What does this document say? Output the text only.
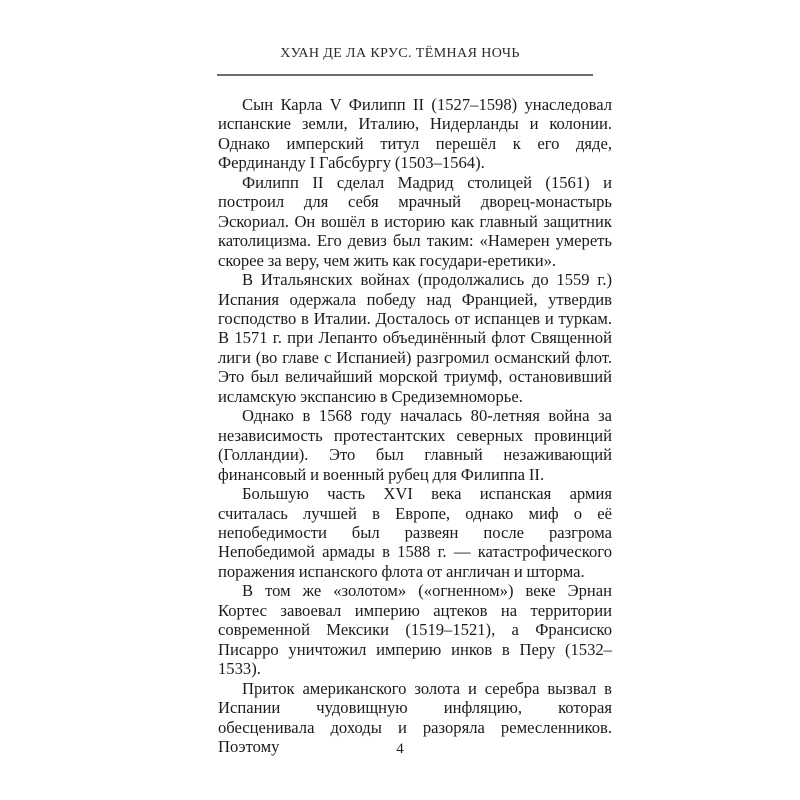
ХУАН ДЕ ЛА КРУС. ТЁМНАЯ НОЧЬ

Сын Карла V Филипп II (1527–1598) унаследовал испанские земли, Италию, Нидерланды и колонии. Однако имперский титул перешёл к его дяде, Фердинанду I Габсбургу (1503–1564).

Филипп II сделал Мадрид столицей (1561) и построил для себя мрачный дворец-монастырь Эскориал. Он вошёл в историю как главный защитник католицизма. Его девиз был таким: «Намерен умереть скорее за веру, чем жить как государи-еретики».

В Итальянских войнах (продолжались до 1559 г.) Испания одержала победу над Францией, утвердив господство в Италии. Досталось от испанцев и туркам. В 1571 г. при Лепанто объединённый флот Священной лиги (во главе с Испанией) разгромил османский флот. Это был величайший морской триумф, остановивший исламскую экспансию в Средиземноморье.

Однако в 1568 году началась 80-летняя война за независимость протестантских северных провинций (Голландии). Это был главный незаживающий финансовый и военный рубец для Филиппа II.

Большую часть XVI века испанская армия считалась лучшей в Европе, однако миф о её непобедимости был развеян после разгрома Непобедимой армады в 1588 г. — катастрофического поражения испанского флота от англичан и шторма.

В том же «золотом» («огненном») веке Эрнан Кортес завоевал империю ацтеков на территории современной Мексики (1519–1521), а Франсиско Писарро уничтожил империю инков в Перу (1532–1533).

Приток американского золота и серебра вызвал в Испании чудовищную инфляцию, которая обесценивала доходы и разоряла ремесленников. Поэтому	4
